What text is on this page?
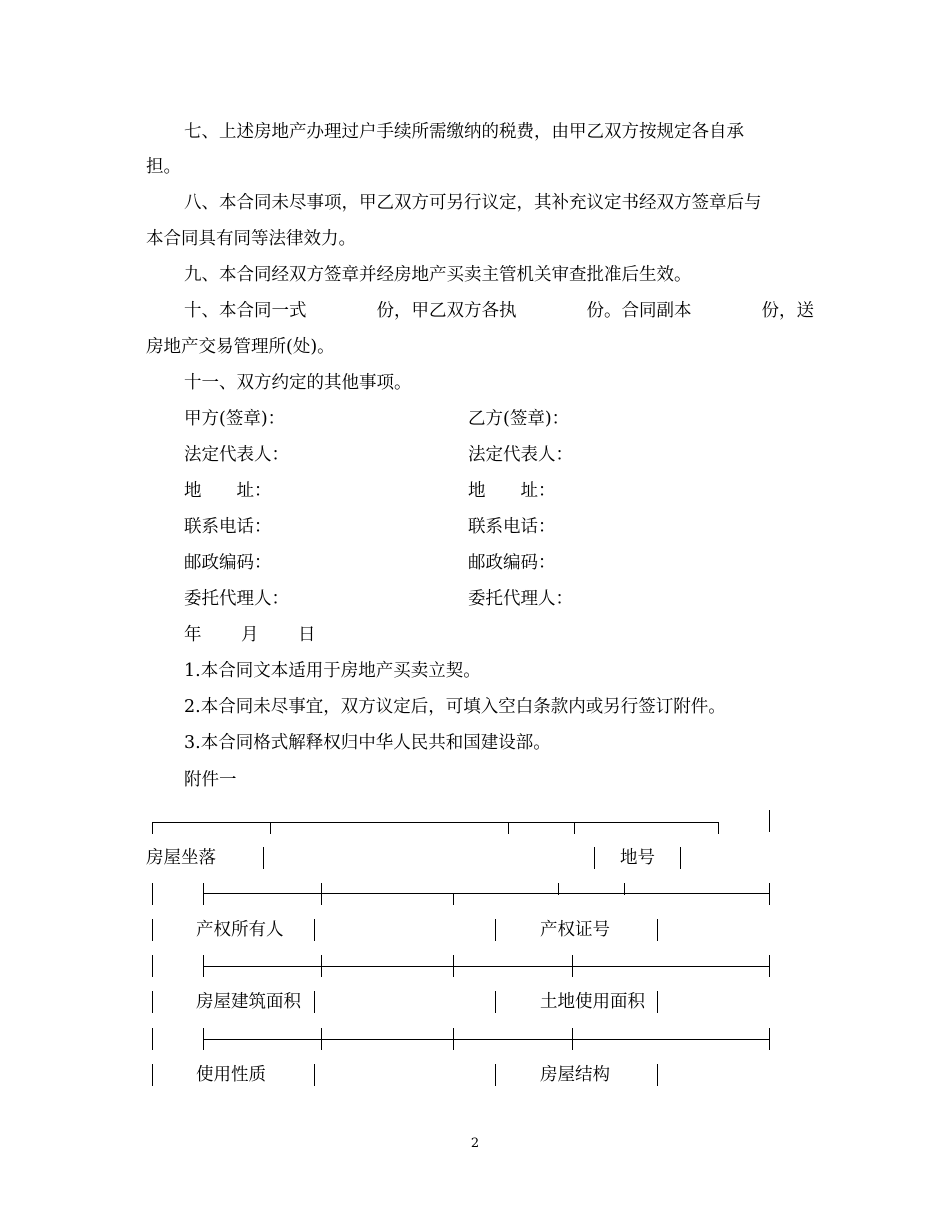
七、上述房地产办理过户手续所需缴纳的税费，由甲乙双方按规定各自承
担。
八、本合同未尽事项，甲乙双方可另行议定，其补充议定书经双方签章后与
本合同具有同等法律效力。
九、本合同经双方签章并经房地产买卖主管机关审查批准后生效。
十、本合同一式	份，甲乙双方各执	份。合同副本	份，送
房地产交易管理所(处)。
十一、双方约定的其他事项。
甲方(签章)：	乙方(签章)：
法定代表人：	法定代表人：
地　　址：	地　　址：
联系电话：	联系电话：
邮政编码：	邮政编码：
委托代理人：	委托代理人：
年 月 日
1.本合同文本适用于房地产买卖立契。
2.本合同未尽事宜，双方议定后，可填入空白条款内或另行签订附件。
3.本合同格式解释权归中华人民共和国建设部。
附件一
房屋坐落	地号
产权所有人	产权证号
房屋建筑面积	土地使用面积
使用性质	房屋结构
2
